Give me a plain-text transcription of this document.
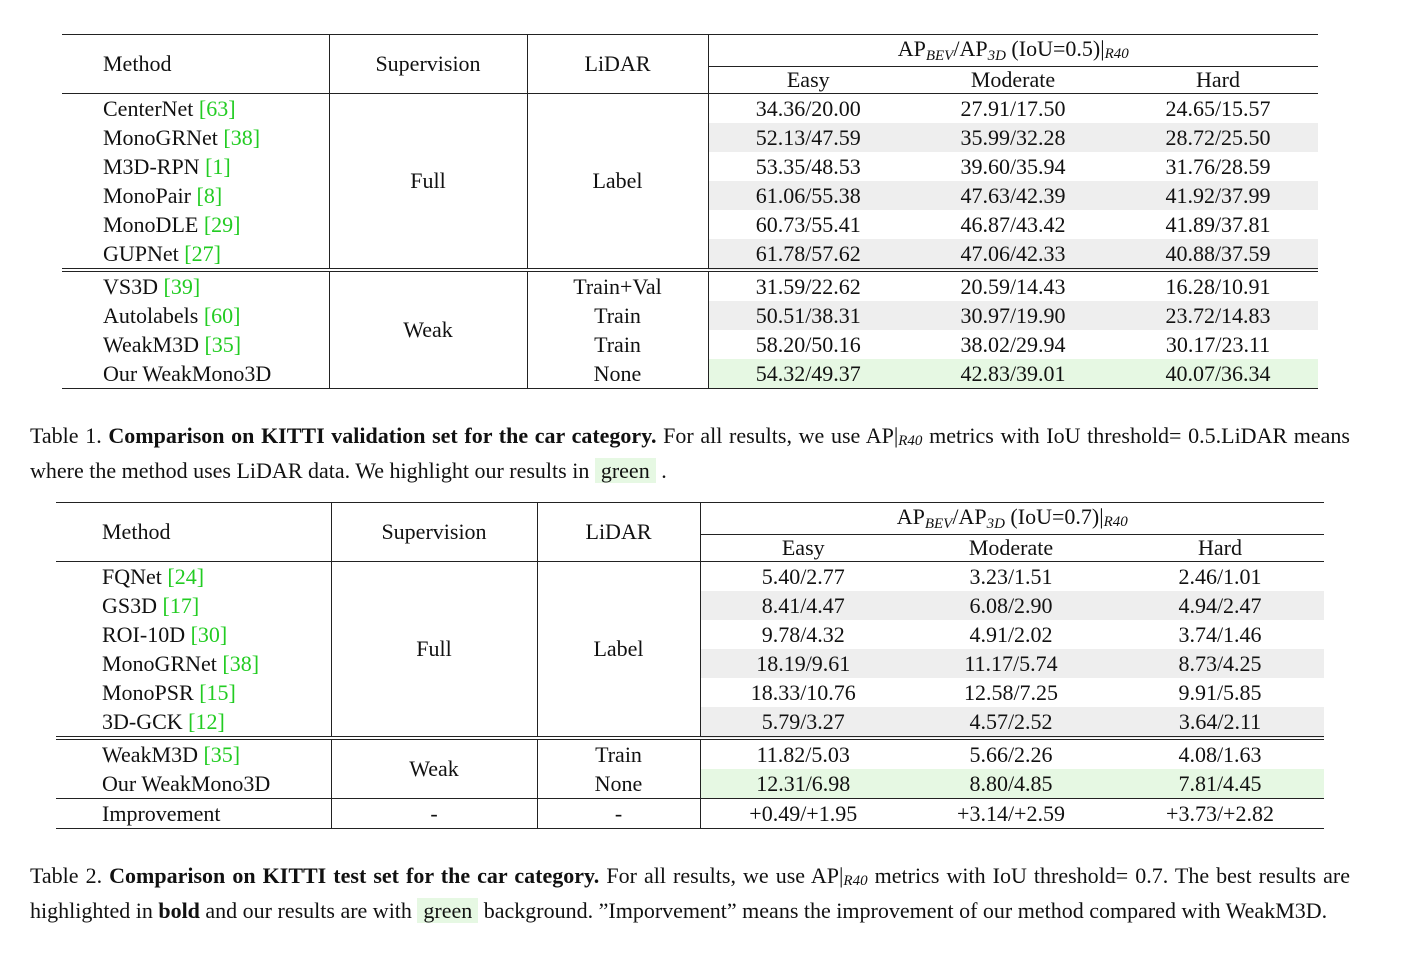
Method	Supervision	LiDAR	$AP_{BEV}/AP_{3D}$ (IoU=0.5)|R40		
			Easy	Moderate	Hard
CenterNet [63]	Full	Label	34.36/20.00	27.91/17.50	24.65/15.57
MonoGRNet [38]			52.13/47.59	35.99/32.28	28.72/25.50
M3D-RPN [1]			53.35/48.53	39.60/35.94	31.76/28.59
MonoPair [8]			61.06/55.38	47.63/42.39	41.92/37.99
MonoDLE [29]			60.73/55.41	46.87/43.42	41.89/37.81
GUPNet [27]			61.78/57.62	47.06/42.33	40.88/37.59
VS3D [39]	Weak	Train+Val	31.59/22.62	20.59/14.43	16.28/10.91
Autolabels [60]		Train	50.51/38.31	30.97/19.90	23.72/14.83
WeakM3D [35]		Train	58.20/50.16	38.02/29.94	30.17/23.11
Our WeakMono3D		None	54.32/49.37	42.83/39.01	40.07/36.34
Table 1. Comparison on KITTI validation set for the car category. For all results, we use AP|R40 metrics with IoU threshold= 0.5.LiDAR means where the method uses LiDAR data. We highlight our results in green .
Method	Supervision	LiDAR	$AP_{BEV}/AP_{3D}$ (IoU=0.7)|R40		
			Easy	Moderate	Hard
FQNet [24]	Full	Label	5.40/2.77	3.23/1.51	2.46/1.01
GS3D [17]			8.41/4.47	6.08/2.90	4.94/2.47
ROI-10D [30]			9.78/4.32	4.91/2.02	3.74/1.46
MonoGRNet [38]			18.19/9.61	11.17/5.74	8.73/4.25
MonoPSR [15]			18.33/10.76	12.58/7.25	9.91/5.85
3D-GCK [12]			5.79/3.27	4.57/2.52	3.64/2.11
WeakM3D [35]	Weak	Train	11.82/5.03	5.66/2.26	4.08/1.63
Our WeakMono3D		None	12.31/6.98	8.80/4.85	7.81/4.45
Improvement	-	-	+0.49/+1.95	+3.14/+2.59	+3.73/+2.82
Table 2. Comparison on KITTI test set for the car category. For all results, we use AP|R40 metrics with IoU threshold= 0.7. The best results are highlighted in bold and our results are with green background. ”Imporvement” means the improvement of our method compared with WeakM3D.
